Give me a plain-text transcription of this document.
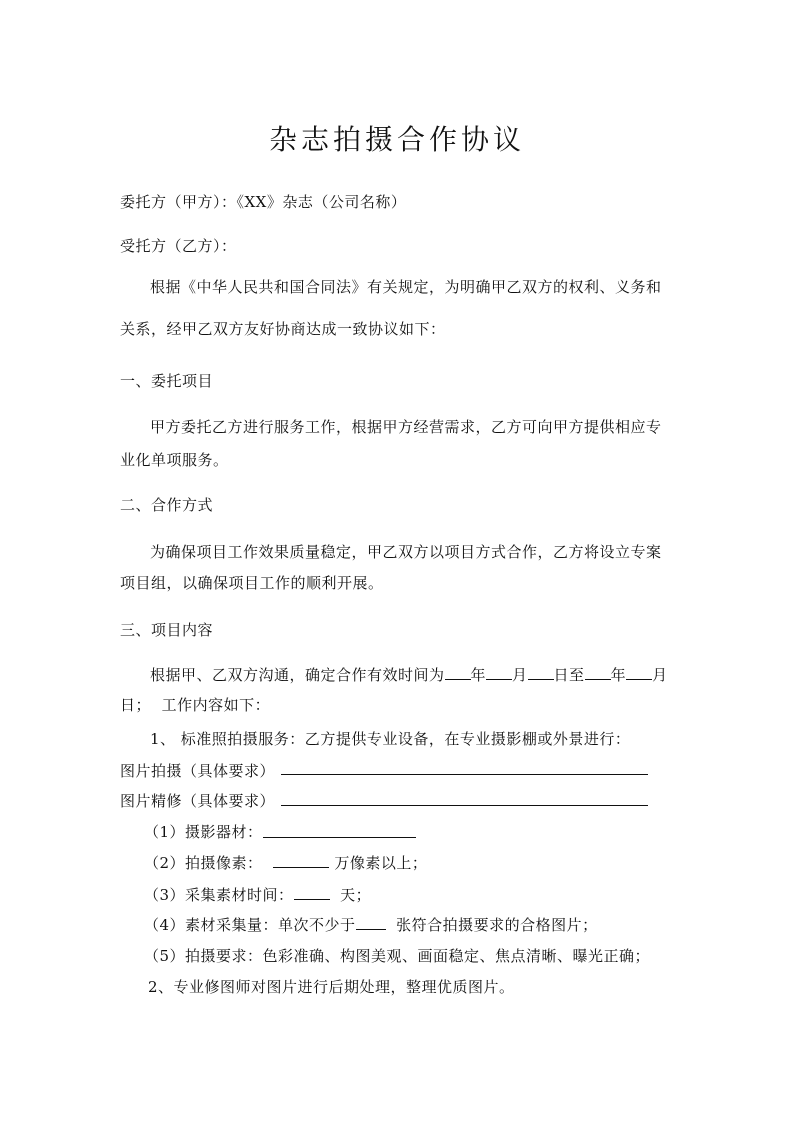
杂志拍摄合作协议
委托方（甲方）：《XX》杂志（公司名称）
受托方（乙方）：
根据《中华人民共和国合同法》有关规定，为明确甲乙双方的权利、义务和
关系，经甲乙双方友好协商达成一致协议如下：
一、委托项目
甲方委托乙方进行服务工作，根据甲方经营需求，乙方可向甲方提供相应专
业化单项服务。
二、合作方式
为确保项目工作效果质量稳定，甲乙双方以项目方式合作，乙方将设立专案
项目组，以确保项目工作的顺利开展。
三、项目内容
根据甲、乙双方沟通，确定合作有效时间为 年 月 日至 年 月
日； 工作内容如下：
1、 标准照拍摄服务：乙方提供专业设备，在专业摄影棚或外景进行：
图片拍摄（具体要求）
图片精修（具体要求）
（1）摄影器材：
（2）拍摄像素：	万像素以上；
（3）采集素材时间：	天；
（4）素材采集量：单次不少于	张符合拍摄要求的合格图片；
（5）拍摄要求：色彩准确、构图美观、画面稳定、焦点清晰、曝光正确；
2、专业修图师对图片进行后期处理，整理优质图片。
